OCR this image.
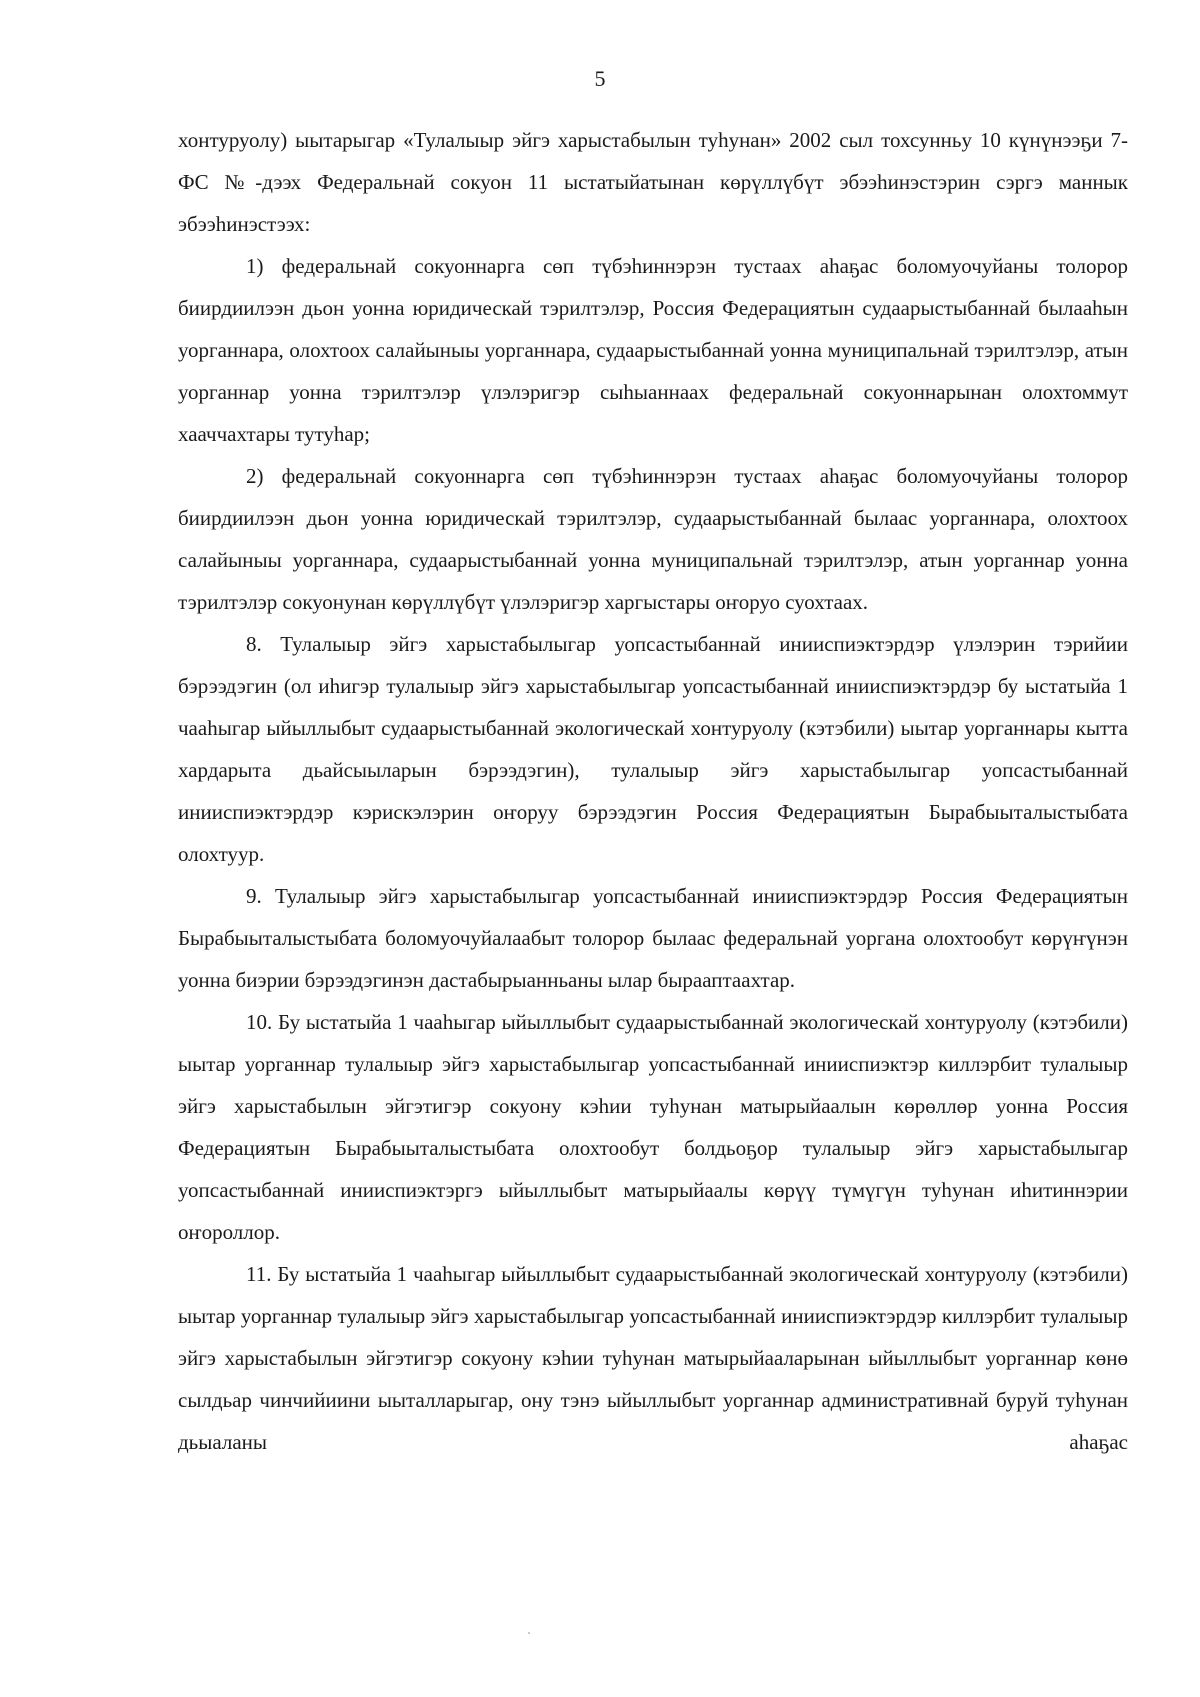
5

хонтуруолу) ыытарыгар «Тулалыыр эйгэ харыстабылын туһунан» 2002 сыл тохсунньу 10 күнүнээҕи 7-ФС №-дээх Федеральнай сокуон 11 ыстатыйатынан көрүллүбүт эбээһинэстэрин сэргэ маннык эбээһинэстээх:

1) федеральнай сокуоннарга сөп түбэһиннэрэн тустаах аһаҕас боломуочуйаны толорор биирдиилээн дьон уонна юридическай тэрилтэлэр, Россия Федерациятын судаарыстыбаннай былааһын уорганнара, олохтоох салайыныы уорганнара, судаарыстыбаннай уонна муниципальнай тэрилтэлэр, атын уорганнар уонна тэрилтэлэр үлэлэригэр сыһыаннаах федеральнай сокуоннарынан олохтоммут хааччахтары тутуһар;

2) федеральнай сокуоннарга сөп түбэһиннэрэн тустаах аһаҕас боломуочуйаны толорор биирдиилээн дьон уонна юридическай тэрилтэлэр, судаарыстыбаннай былаас уорганнара, олохтоох салайыныы уорганнара, судаарыстыбаннай уонна муниципальнай тэрилтэлэр, атын уорганнар уонна тэрилтэлэр сокуонунан көрүллүбүт үлэлэригэр харгыстары оҥоруо суохтаах.

8. Тулалыыр эйгэ харыстабылыгар уопсастыбаннай инииспиэктэрдэр үлэлэрин тэрийии бэрээдэгин (ол иһигэр тулалыыр эйгэ харыстабылыгар уопсастыбаннай инииспиэктэрдэр бу ыстатыйа 1 чааһыгар ыйыллыбыт судаарыстыбаннай экологическай хонтуруолу (кэтэбили) ыытар уорганнары кытта хардарыта дьайсыыларын бэрээдэгин), тулалыыр эйгэ харыстабылыгар уопсастыбаннай инииспиэктэрдэр кэрискэлэрин оҥоруу бэрээдэгин Россия Федерациятын Бырабыыталыстыбата олохтуур.

9. Тулалыыр эйгэ харыстабылыгар уопсастыбаннай инииспиэктэрдэр Россия Федерациятын Бырабыыталыстыбата боломуочуйалаабыт толорор былаас федеральнай уоргана олохтообут көрүҥүнэн уонна биэрии бэрээдэгинэн дастабырыанньаны ылар бырааптаахтар.

10. Бу ыстатыйа 1 чааһыгар ыйыллыбыт судаарыстыбаннай экологическай хонтуруолу (кэтэбили) ыытар уорганнар тулалыыр эйгэ харыстабылыгар уопсастыбаннай инииспиэктэр киллэрбит тулалыыр эйгэ харыстабылын эйгэтигэр сокуону кэһии туһунан матырыйаалын көрөллөр уонна Россия Федерациятын Бырабыыталыстыбата олохтообут болдьоҕор тулалыыр эйгэ харыстабылыгар уопсастыбаннай инииспиэктэргэ ыйыллыбыт матырыйаалы көрүү түмүгүн туһунан иһитиннэрии оҥороллор.

11. Бу ыстатыйа 1 чааһыгар ыйыллыбыт судаарыстыбаннай экологическай хонтуруолу (кэтэбили) ыытар уорганнар тулалыыр эйгэ харыстабылыгар уопсастыбаннай инииспиэктэрдэр киллэрбит тулалыыр эйгэ харыстабылын эйгэтигэр сокуону кэһии туһунан матырыйааларынан ыйыллыбыт уорганнар көнө сылдьар чинчийиини ыыталларыгар, ону тэнэ ыйыллыбыт уорганнар административнай буруй туһунан дьыаланы аһаҕас
